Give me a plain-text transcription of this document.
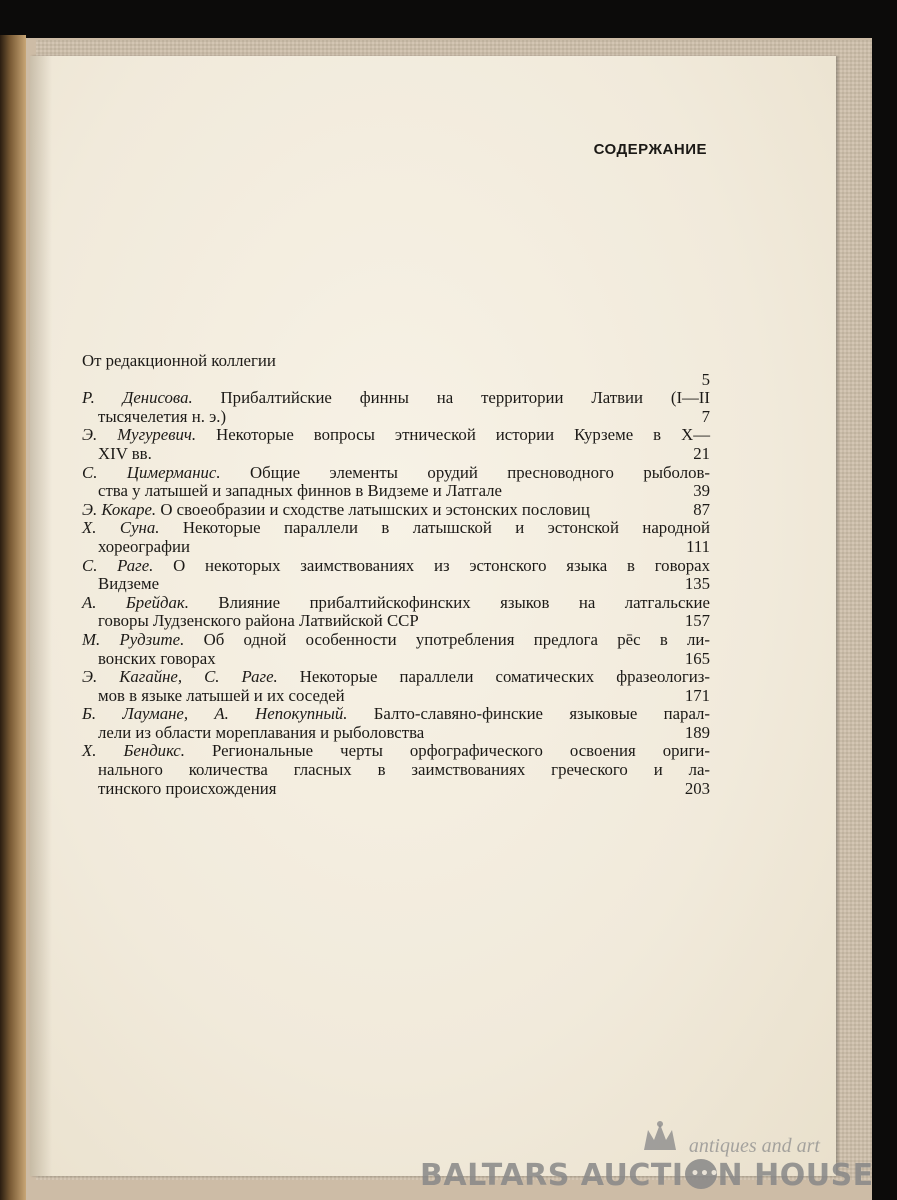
СОДЕРЖАНИЕ
От редакционной коллегии
5
Р. Денисова. Прибалтийские финны на территории Латвии (I—II
тысячелетия н. э.)	7
Э. Мугуревич. Некоторые вопросы этнической истории Курземе в X—
XIV вв.	21
С. Цимерманис. Общие элементы орудий пресноводного рыболов-
ства у латышей и западных финнов в Видземе и Латгале	39
Э. Кокаре. О своеобразии и сходстве латышских и эстонских пословиц	87
Х. Суна. Некоторые параллели в латышской и эстонской народной
хореографии	111
С. Раге. О некоторых заимствованиях из эстонского языка в говорах
Видземе	135
А. Брейдак. Влияние прибалтийскофинских языков на латгальские
говоры Лудзенского района Латвийской ССР	157
М. Рудзите. Об одной особенности употребления предлога pēc в ли-
вонских говорах	165
Э. Кагайне, С. Раге. Некоторые параллели соматических фразеологиз-
мов в языке латышей и их соседей	171
Б. Лаумане, А. Непокупный. Балто-славяно-финские языковые парал-
лели из области мореплавания и рыболовства	189
Х. Бендикс. Региональные черты орфографического освоения ориги-
нального количества гласных в заимствованиях греческого и ла-
тинского происхождения	203
antiques and art
BALTARS AUCTI •••
N HOUSE
